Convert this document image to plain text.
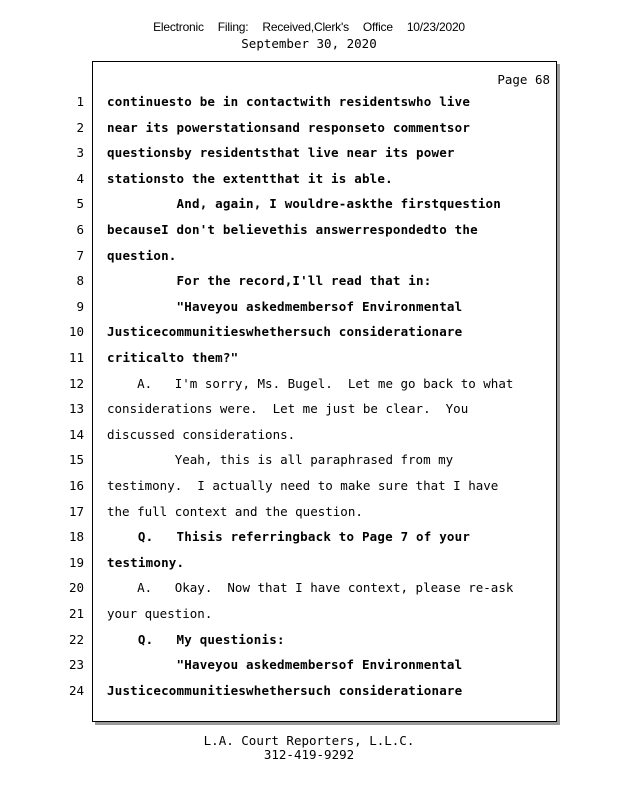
Electronic Filing: Received,Clerk's Office 10/23/2020
September 30, 2020
Page 68
1 continuesto be in contactwith residentswho live
2 near its powerstationsand responseto commentsor
3 questionsby residentsthat live near its power
4 stationsto the extentthat it is able.
5 And, again, I wouldre-askthe firstquestion
6 becauseI don't believethis answerrespondedto the
7 question.
8 For the record,I'll read that in:
9 "Haveyou askedmembersof Environmental
10 Justicecommunitieswhethersuch considerationare
11 criticalto them?"
12 A.   I'm sorry, Ms. Bugel.  Let me go back to what
13 considerations were.  Let me just be clear.  You
14 discussed considerations.
15 Yeah, this is all paraphrased from my
16 testimony.  I actually need to make sure that I have
17 the full context and the question.
18 Q.   Thisis referringback to Page 7 of your
19 testimony.
20 A.   Okay.  Now that I have context, please re-ask
21 your question.
22 Q.   My questionis:
23 "Haveyou askedmembersof Environmental
24 Justicecommunitieswhethersuch considerationare
L.A. Court Reporters, L.L.C.
312-419-9292
